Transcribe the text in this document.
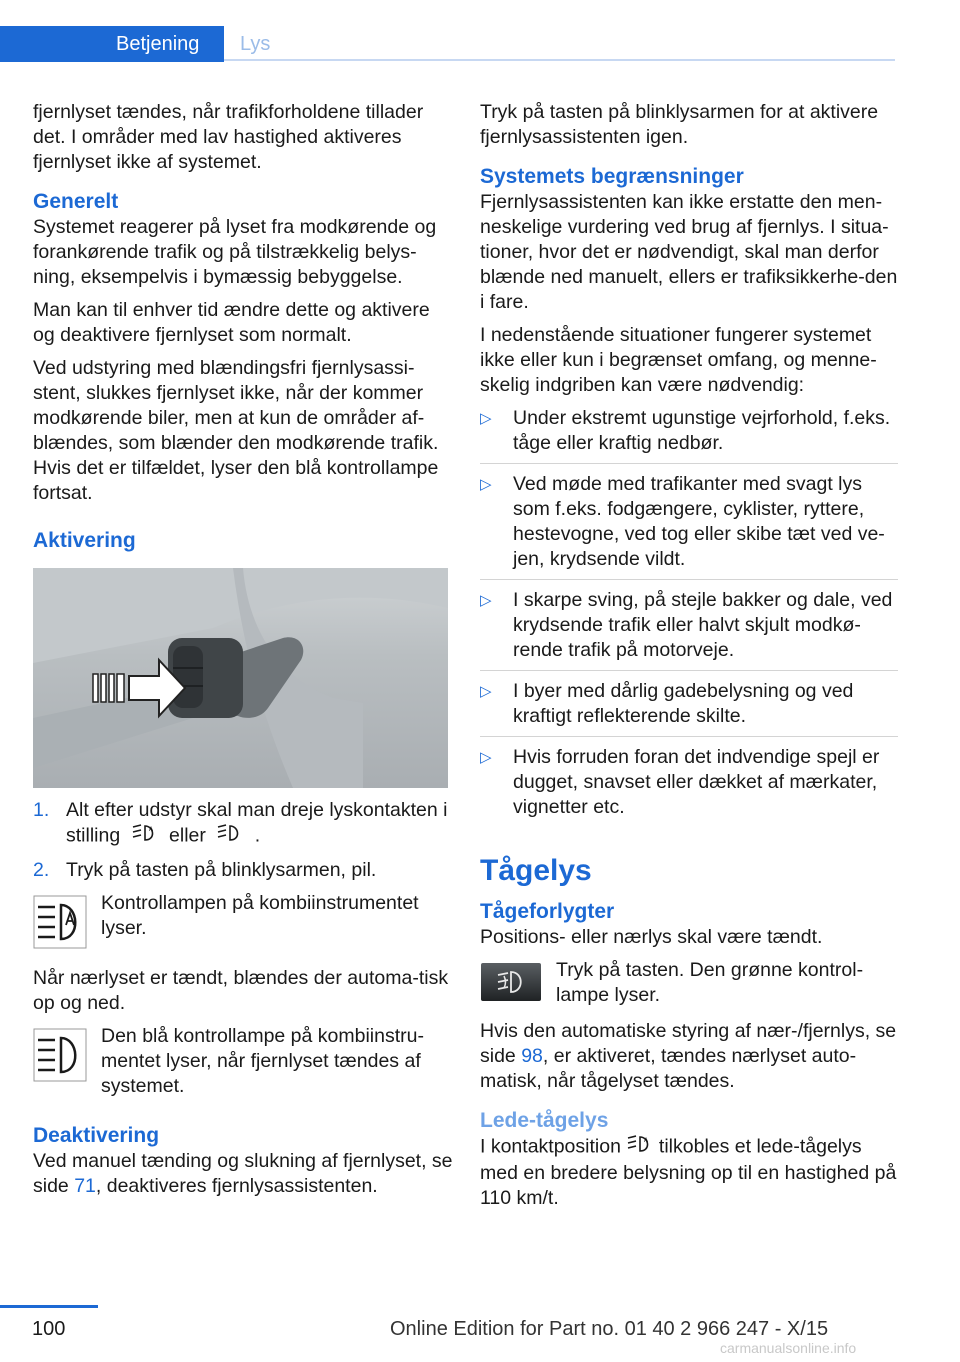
Betjening	Lys

fjernlyset tændes, når trafikforholdene tillader det. I områder med lav hastighed aktiveres fjernlyset ikke af systemet.

Generelt

Systemet reagerer på lyset fra modkørende og forankørende trafik og på tilstrækkelig belys-ning, eksempelvis i bymæssig bebyggelse.

Man kan til enhver tid ændre dette og aktivere og deaktivere fjernlyset som normalt.

Ved udstyring med blændingsfri fjernlysassi-stent, slukkes fjernlyset ikke, når der kommer modkørende biler, men at kun de områder af-blændes, som blænder den modkørende trafik. Hvis det er tilfældet, lyser den blå kontrollampe fortsat.

Aktivering
1. Alt efter udstyr skal man dreje lyskontakten i stilling	A eller	.
2. Tryk på tasten på blinklysarmen, pil.
Kontrollampen på kombiinstrumentet lyser.

Når nærlyset er tændt, blændes der automa-tisk op og ned.

Den blå kontrollampe på kombiinstru-mentet lyser, når fjernlyset tændes af systemet.
Deaktivering

Ved manuel tænding og slukning af fjernlyset, se side 71, deaktiveres fjernlysassistenten.

Tryk på tasten på blinklysarmen for at aktivere fjernlysassistenten igen.

Systemets begrænsninger

Fjernlysassistenten kan ikke erstatte den men-neskelige vurdering ved brug af fjernlys. I situa-tioner, hvor det er nødvendigt, skal man derfor blænde ned manuelt, ellers er trafiksikkerhe-den i fare.

I nedenstående situationer fungerer systemet ikke eller kun i begrænset omfang, og menne-skelig indgriben kan være nødvendig:

▷ Under ekstremt ugunstige vejrforhold, f.eks. tåge eller kraftig nedbør.
▷ Ved møde med trafikanter med svagt lys som f.eks. fodgængere, cyklister, ryttere, hestevogne, ved tog eller skibe tæt ved ve-jen, krydsende vildt.
▷ I skarpe sving, på stejle bakker og dale, ved krydsende trafik eller halvt skjult modkø-rende trafik på motorveje.
▷ I byer med dårlig gadebelysning og ved kraftigt reflekterende skilte.
▷ Hvis forruden foran det indvendige spejl er dugget, snavset eller dækket af mærkater, vignetter etc.
Tågelys
Tågeforlygter

Positions- eller nærlys skal være tændt.

Tryk på tasten. Den grønne kontrol-lampe lyser.

Hvis den automatiske styring af nær-/fjernlys, se side 98, er aktiveret, tændes nærlyset auto-matisk, når tågelyset tændes.

Lede-tågelys

I kontaktposition	A tilkobles et lede-tågelys med en bredere belysning op til en hastighed på 110 km/t.

100	Online Edition for Part no. 01 40 2 966 247 - X/15
carmanualsonline.info
